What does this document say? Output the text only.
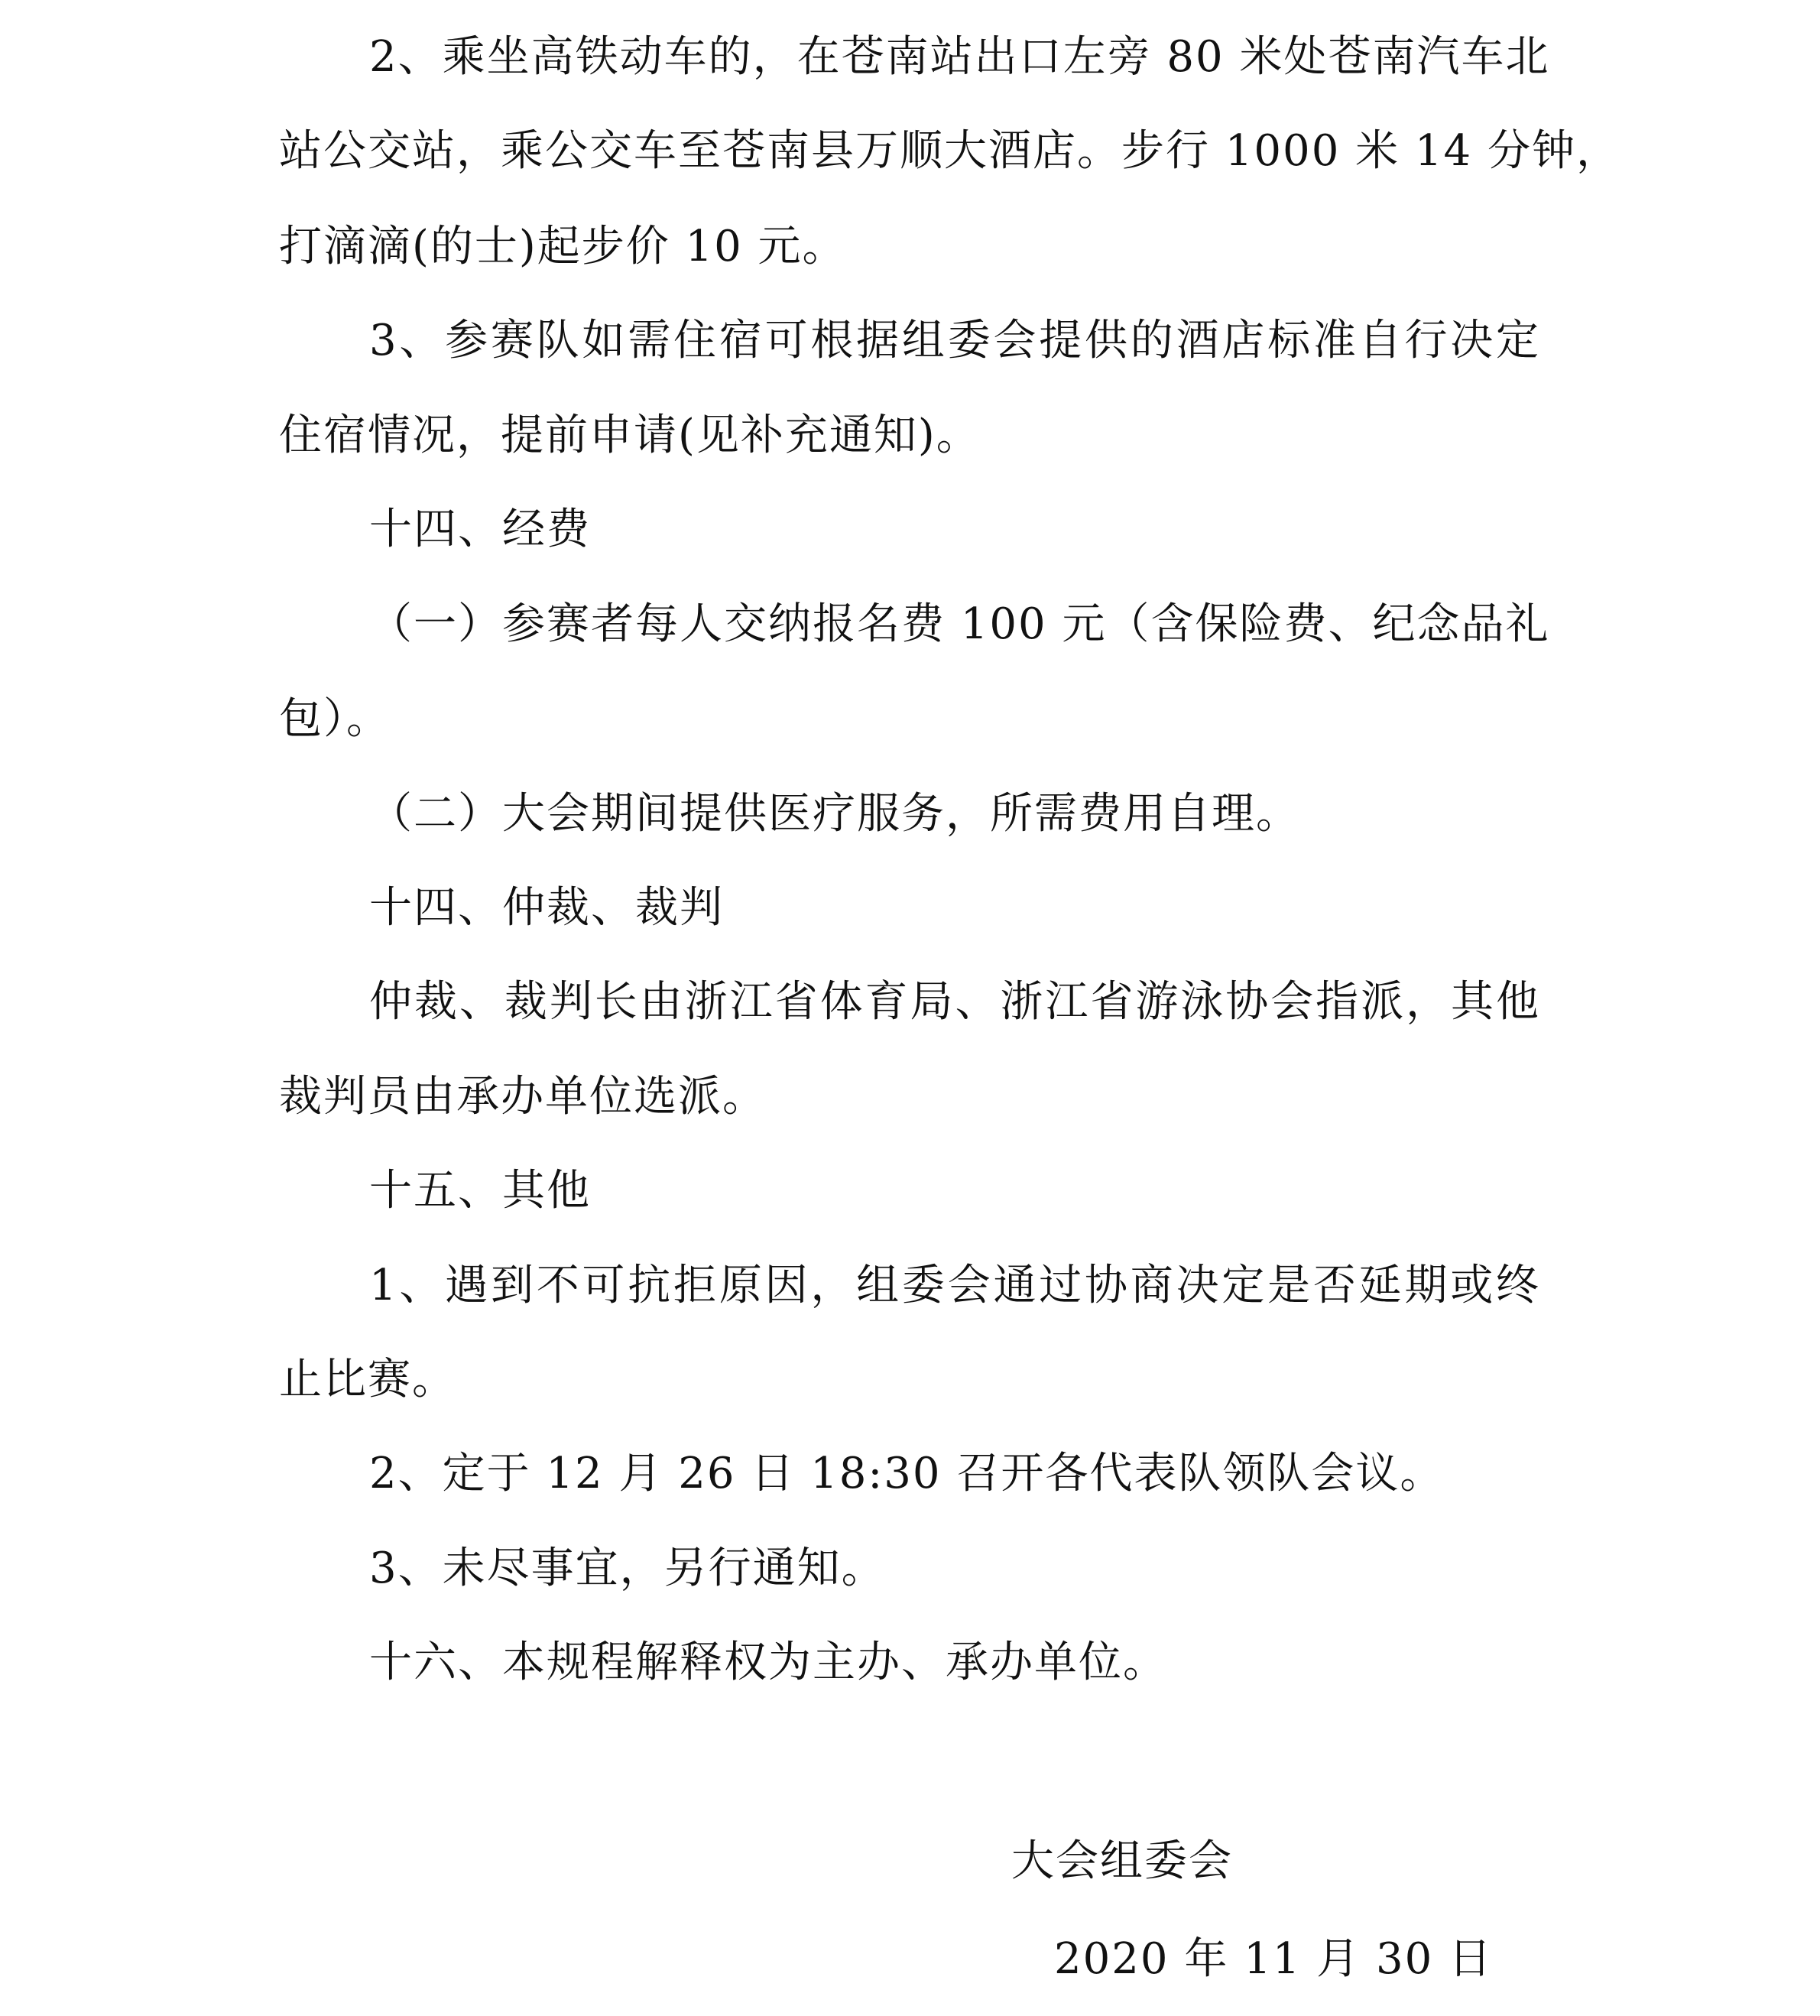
2、乘坐高铁动车的，在苍南站出口左旁 80 米处苍南汽车北
站公交站，乘公交车至苍南县万顺大酒店。步行 1000 米 14 分钟，
打滴滴(的士)起步价 10 元。
3、参赛队如需住宿可根据组委会提供的酒店标准自行决定
住宿情况，提前申请(见补充通知)。
十四、经费
（一）参赛者每人交纳报名费 100 元（含保险费、纪念品礼
包）。
（二）大会期间提供医疗服务，所需费用自理。
十四、仲裁、裁判
仲裁、裁判长由浙江省体育局、浙江省游泳协会指派，其他
裁判员由承办单位选派。
十五、其他
1、遇到不可抗拒原因，组委会通过协商决定是否延期或终
止比赛。
2、定于 12 月 26 日 18:30 召开各代表队领队会议。
3、未尽事宜，另行通知。
十六、本规程解释权为主办、承办单位。
大会组委会
2020 年 11 月 30 日
